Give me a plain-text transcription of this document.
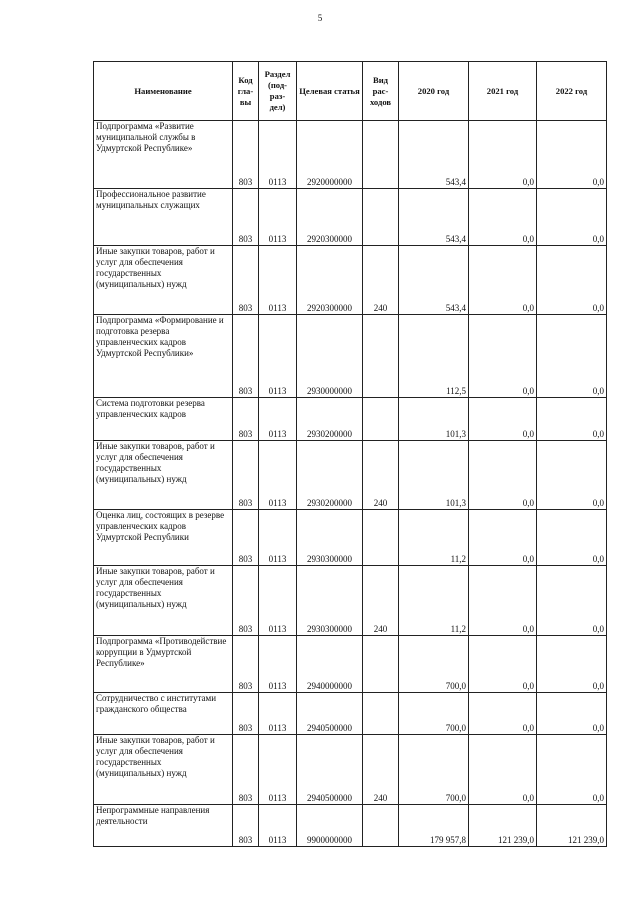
5
Наименование	Код гла- вы	Раздел (под- раз- дел)	Целевая статья	Вид рас- ходов	2020 год	2021 год	2022 год
Подпрограмма «Развитие муниципальной службы в Удмуртской Республике»	803	0113	2920000000		543,4	0,0	0,0
Профессиональное развитие муниципальных служащих	803	0113	2920300000		543,4	0,0	0,0
Иные закупки товаров, работ и услуг для обеспечения государственных (муниципальных) нужд	803	0113	2920300000	240	543,4	0,0	0,0
Подпрограмма «Формирование и подготовка резерва управленческих кадров Удмуртской Республики»	803	0113	2930000000		112,5	0,0	0,0
Система подготовки резерва управленческих кадров	803	0113	2930200000		101,3	0,0	0,0
Иные закупки товаров, работ и услуг для обеспечения государственных (муниципальных) нужд	803	0113	2930200000	240	101,3	0,0	0,0
Оценка лиц, состоящих в резерве управленческих кадров Удмуртской Республики	803	0113	2930300000		11,2	0,0	0,0
Иные закупки товаров, работ и услуг для обеспечения государственных (муниципальных) нужд	803	0113	2930300000	240	11,2	0,0	0,0
Подпрограмма «Противодействие коррупции в Удмуртской Республике»	803	0113	2940000000		700,0	0,0	0,0
Сотрудничество с институтами гражданского общества	803	0113	2940500000		700,0	0,0	0,0
Иные закупки товаров, работ и услуг для обеспечения государственных (муниципальных) нужд	803	0113	2940500000	240	700,0	0,0	0,0
Непрограммные направления деятельности	803	0113	9900000000		179 957,8	121 239,0	121 239,0
